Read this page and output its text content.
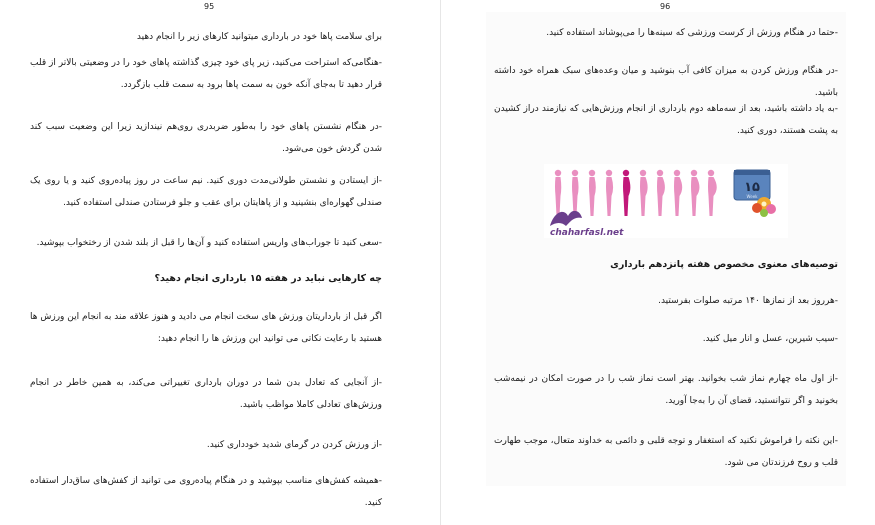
95

برای سلامت پاها خود در بارداری میتوانید کارهای زیر را انجام دهید

-هنگامی‌که استراحت می‌کنید، زیر پای خود چیزی گذاشته پاهای خود را در وضعیتی بالاتر از قلب قرار دهید تا به‌جای آنکه خون به سمت پاها برود به سمت قلب بازگردد.

-در هنگام نشستن پاهای خود را به‌طور ضربدری روی‌هم نیندازید زیرا این وضعیت سبب کند شدن گردش خون می‌شود.

-از ایستادن و نشستن طولانی‌مدت دوری کنید. نیم ساعت در روز پیاده‌روی کنید و یا روی یک صندلی گهواره‌ای بنشینید و از پاهایتان برای عقب و جلو فرستادن صندلی استفاده کنید.

-سعی کنید تا جوراب‌های واریس استفاده کنید و آن‌ها را قبل از بلند شدن از رختخواب بپوشید.

چه کارهایی نباید در هفته ۱۵ بارداری انجام دهید؟

اگر قبل از بارداریتان ورزش های سخت انجام می دادید و هنوز علاقه مند به انجام این ورزش ها هستید با رعایت نکاتی می توانید این ورزش ها را انجام دهید:

-از آنجایی که تعادل بدن شما در دوران بارداری تغییراتی می‌کند، به همین خاطر در انجام ورزش‌های تعادلی کاملا مواظب باشید.

-از ورزش کردن در گرمای شدید خودداری کنید.

-همیشه کفش‌های مناسب بپوشید و در هنگام پیاده‌روی می توانید از کفش‌های ساق‌دار استفاده کنید.

96

-حتما در هنگام ورزش از کرست ورزشی که سینه‌ها را می‌پوشاند استفاده کنید.

-در هنگام ورزش کردن به میزان کافی آب بنوشید و میان وعده‌های سبک همراه خود داشته باشید.

-به یاد داشته باشید، بعد از سه‌ماهه دوم بارداری از انجام ورزش‌هایی که نیازمند دراز کشیدن به پشت هستند، دوری کنید.

۱۵
Week
chaharfasl.net

توصیه‌های معنوی مخصوص هفته پانزدهم بارداری

-هرروز بعد از نمازها ۱۴۰ مرتبه صلوات بفرستید.

-سیب شیرین، عسل و انار میل کنید.

-از اول ماه چهارم نماز شب بخوانید. بهتر است نماز شب را در صورت امکان در نیمه‌شب بخونید و اگر نتوانستید، قضای آن را به‌جا آورید.

-این نکته را فراموش نکنید که استغفار و توجه قلبی و دائمی به خداوند متعال، موجب طهارت قلب و روح فرزندتان می شود.
